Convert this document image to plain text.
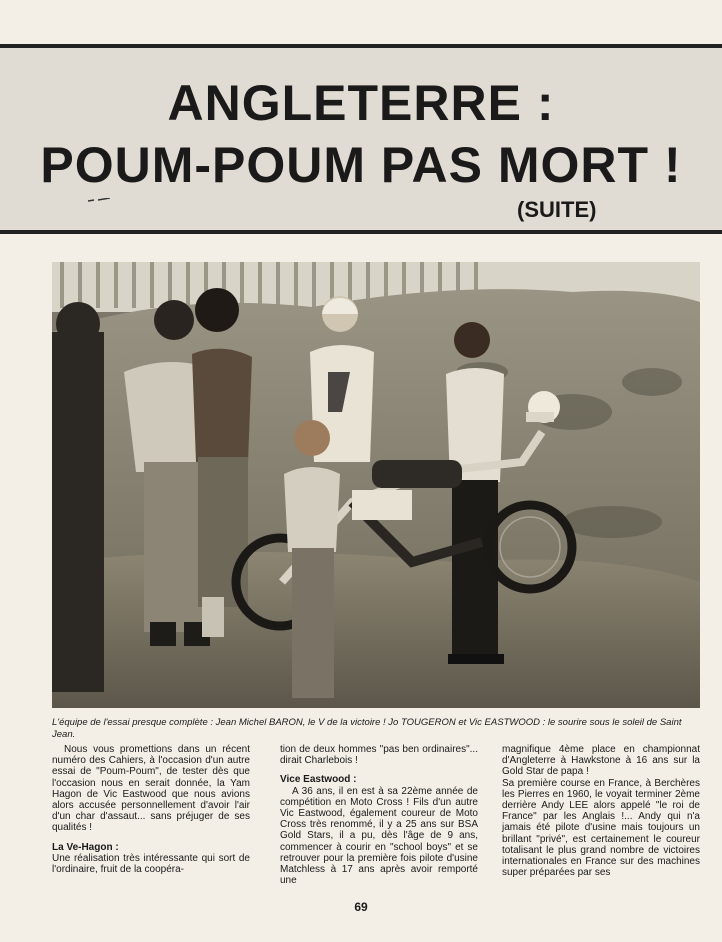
ANGLETERRE :
POUM-POUM PAS MORT !
(SUITE)
L'équipe de l'essai presque complète : Jean Michel BARON, le V de la victoire ! Jo TOUGERON et Vic EASTWOOD : le sourire sous le soleil de Saint Jean.

Nous vous promettions dans un récent numéro des Cahiers, à l'occasion d'un autre essai de "Poum-Poum", de tester dès que l'occasion nous en serait donnée, la Yam Hagon de Vic Eastwood que nous avions alors accusée personnellement d'avoir l'air d'un char d'assaut... sans préjuger de ses qualités !

La Ve-Hagon :

Une réalisation très intéressante qui sort de l'ordinaire, fruit de la coopéra-

tion de deux hommes "pas ben ordinaires"... dirait Charlebois !

Vice Eastwood :

A 36 ans, il en est à sa 22ème année de compétition en Moto Cross ! Fils d'un autre Vic Eastwood, également coureur de Moto Cross très renommé, il y a 25 ans sur BSA Gold Stars, il a pu, dès l'âge de 9 ans, commencer à courir en "school boys" et se retrouver pour la première fois pilote d'usine Matchless à 17 ans après avoir remporté une

magnifique 4ème place en championnat d'Angleterre à Hawkstone à 16 ans sur la Gold Star de papa !

Sa première course en France, à Berchères les Pierres en 1960, le voyait terminer 2ème derrière Andy LEE alors appelé "le roi de France" par les Anglais !... Andy qui n'a jamais été pilote d'usine mais toujours un brillant "privé", est certainement le coureur totalisant le plus grand nombre de victoires internationales en France sur des machines super préparées par ses

69
